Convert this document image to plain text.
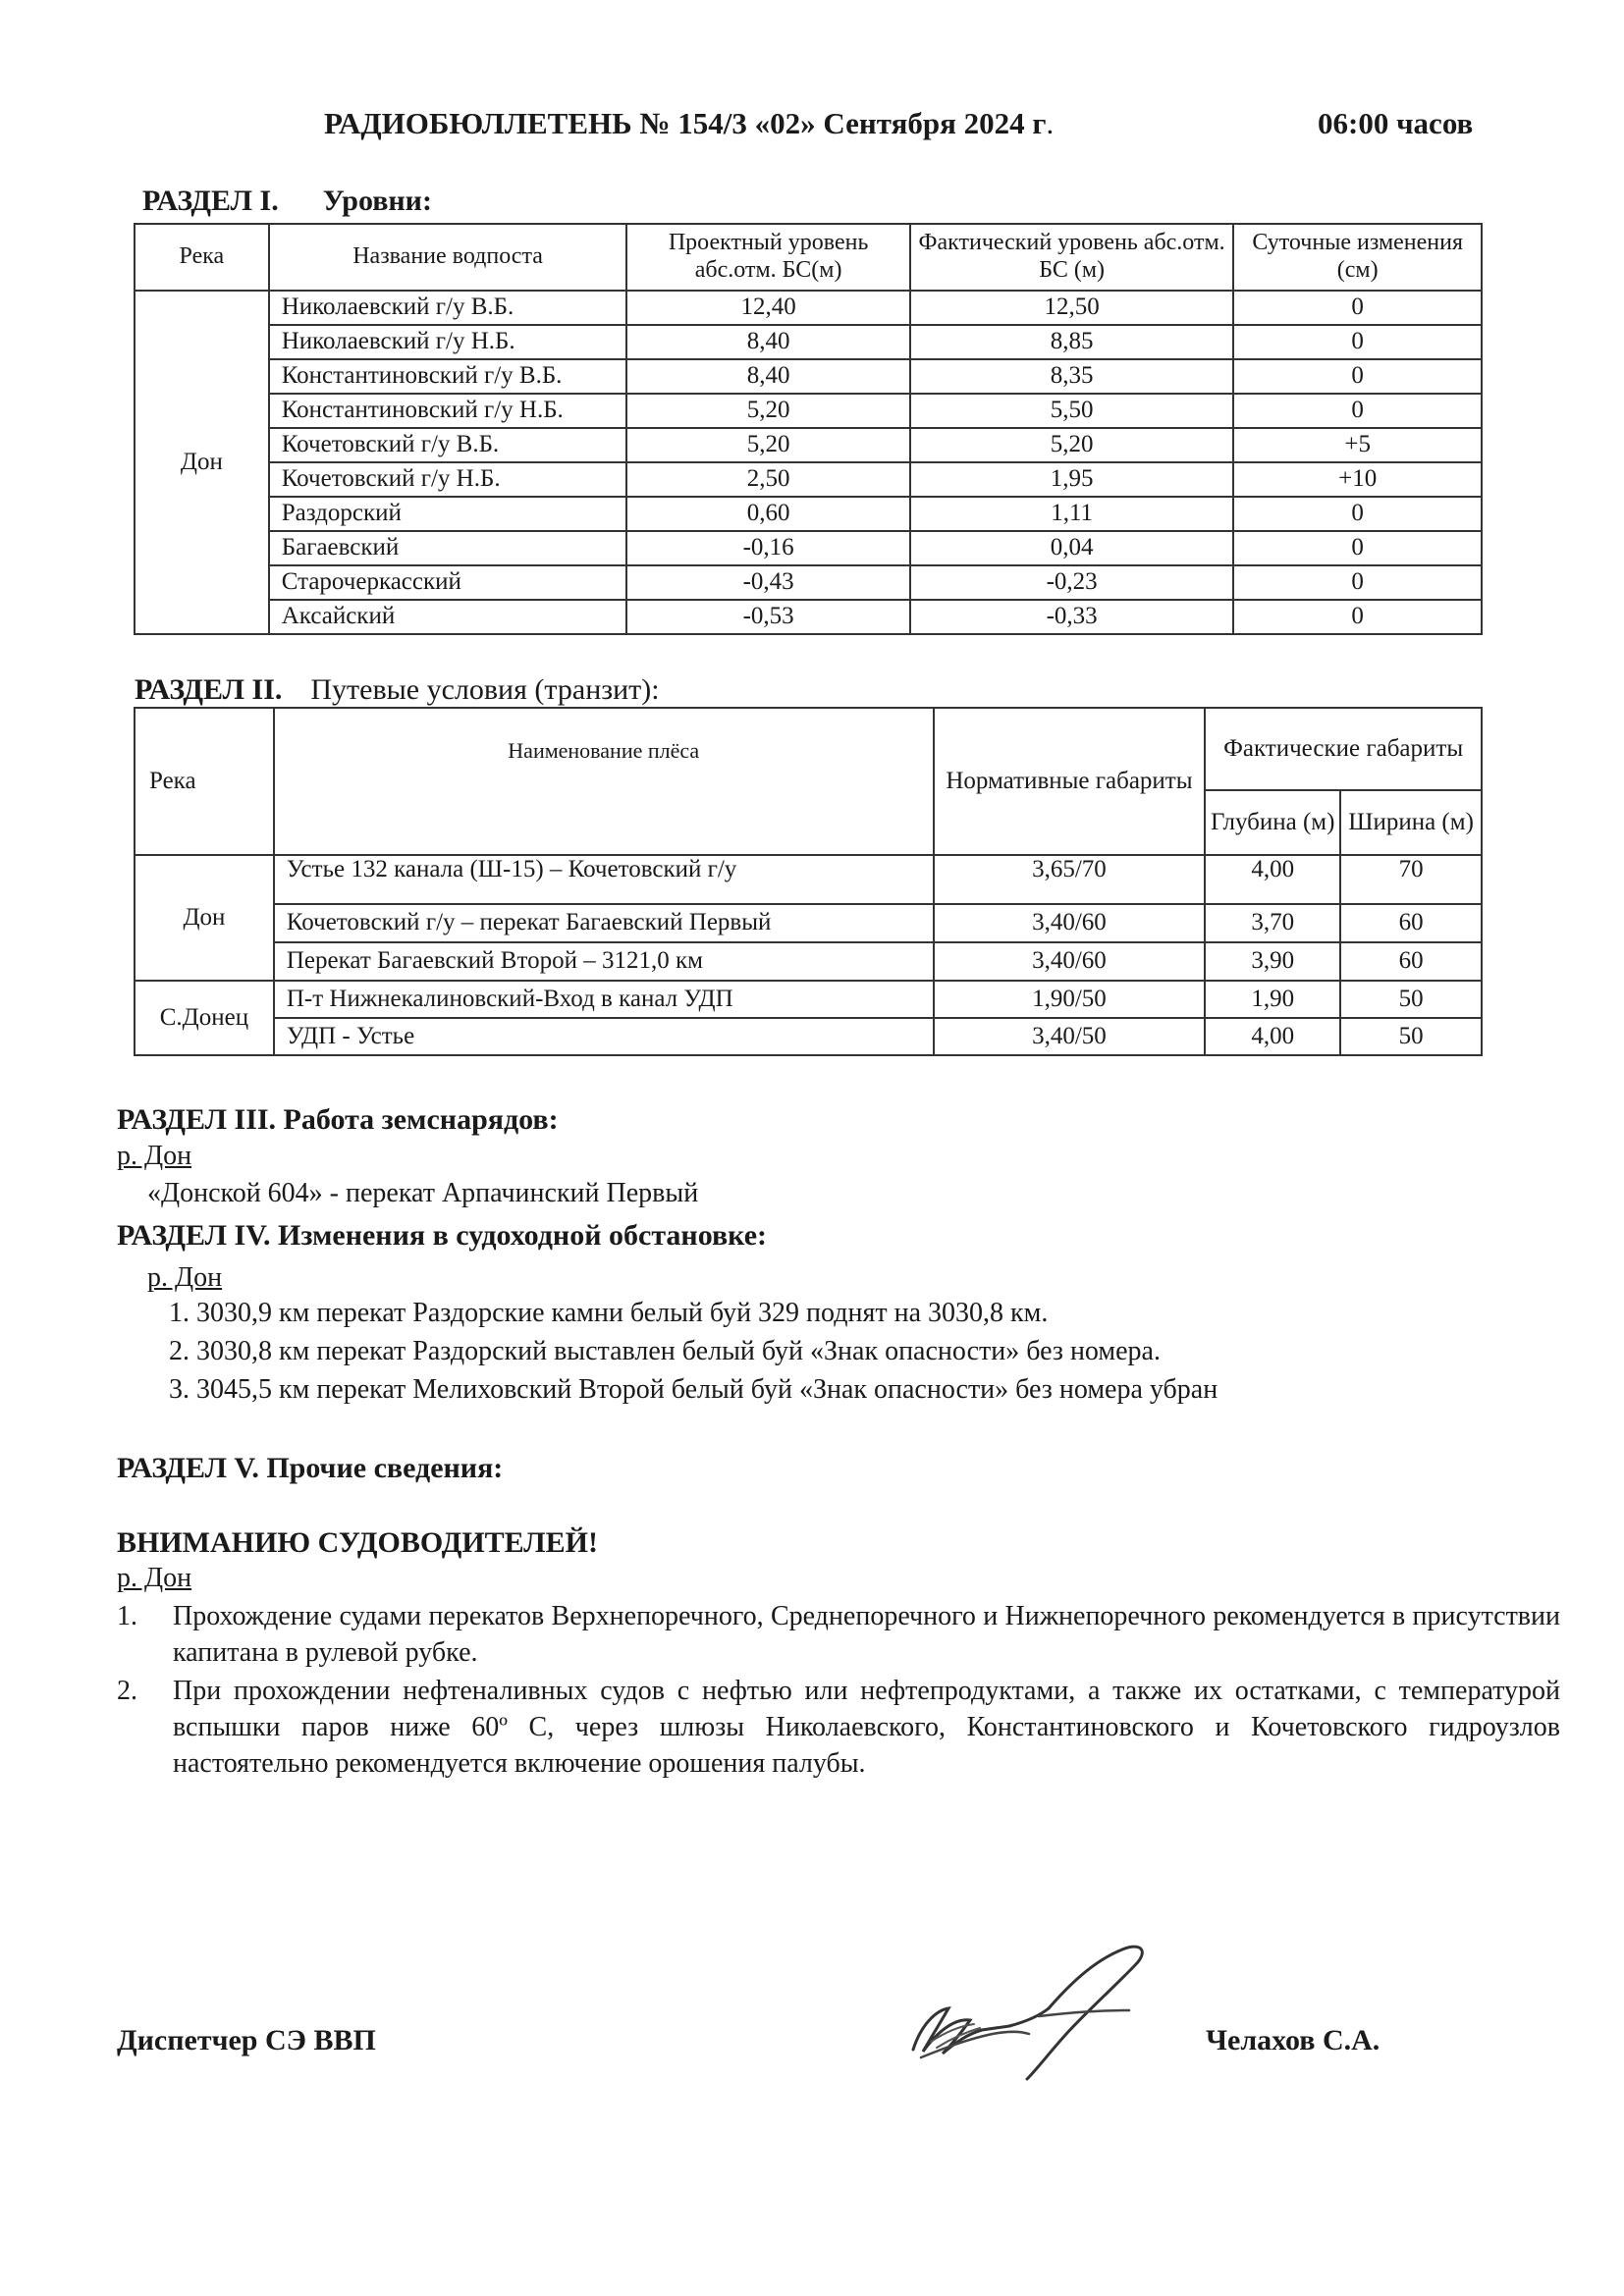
РАДИОБЮЛЛЕТЕНЬ № 154/3 «02» Сентября 2024 г.	06:00 часов
РАЗДЕЛ I. Уровни:
Река	Название водпоста	Проектный уровень абс.отм. БС(м)	Фактический уровень абс.отм. БС (м)	Суточные изменения (см)
Дон	Николаевский г/у В.Б.	12,40	12,50	0
	Николаевский г/у Н.Б.	8,40	8,85	0
	Константиновский г/у В.Б.	8,40	8,35	0
	Константиновский г/у Н.Б.	5,20	5,50	0
	Кочетовский г/у В.Б.	5,20	5,20	+5
	Кочетовский г/у Н.Б.	2,50	1,95	+10
	Раздорский	0,60	1,11	0
	Багаевский	-0,16	0,04	0
	Старочеркасский	-0,43	-0,23	0
	Аксайский	-0,53	-0,33	0
РАЗДЕЛ II. Путевые условия (транзит):
Река	Наименование плёса	Нормативные габариты	Фактические габариты	
			Глубина (м)	Ширина (м)
Дон	Устье 132 канала (Ш-15) – Кочетовский г/у	3,65/70	4,00	70
	Кочетовский г/у – перекат Багаевский Первый	3,40/60	3,70	60
	Перекат Багаевский Второй – 3121,0 км	3,40/60	3,90	60
С.Донец	П-т Нижнекалиновский-Вход в канал УДП	1,90/50	1,90	50
	УДП - Устье	3,40/50	4,00	50
РАЗДЕЛ III. Работа земснарядов:
р. Дон
«Донской 604» - перекат Арпачинский Первый
РАЗДЕЛ IV. Изменения в судоходной обстановке:
р. Дон
1. 3030,9 км перекат Раздорские камни белый буй 329 поднят на 3030,8 км.
2. 3030,8 км перекат Раздорский выставлен белый буй «Знак опасности» без номера.
3. 3045,5 км перекат Мелиховский Второй белый буй «Знак опасности» без номера убран
РАЗДЕЛ V. Прочие сведения:
ВНИМАНИЮ СУДОВОДИТЕЛЕЙ!
р. Дон
1. Прохождение судами перекатов Верхнепоречного, Среднепоречного и Нижнепоречного рекомендуется в присутствии капитана в рулевой рубке.
2. При прохождении нефтеналивных судов с нефтью или нефтепродуктами, а также их остатками, с температурой вспышки паров ниже 60º С, через шлюзы Николаевского, Константиновского и Кочетовского гидроузлов настоятельно рекомендуется включение орошения палубы.
Диспетчер СЭ ВВП	Челахов С.А.
